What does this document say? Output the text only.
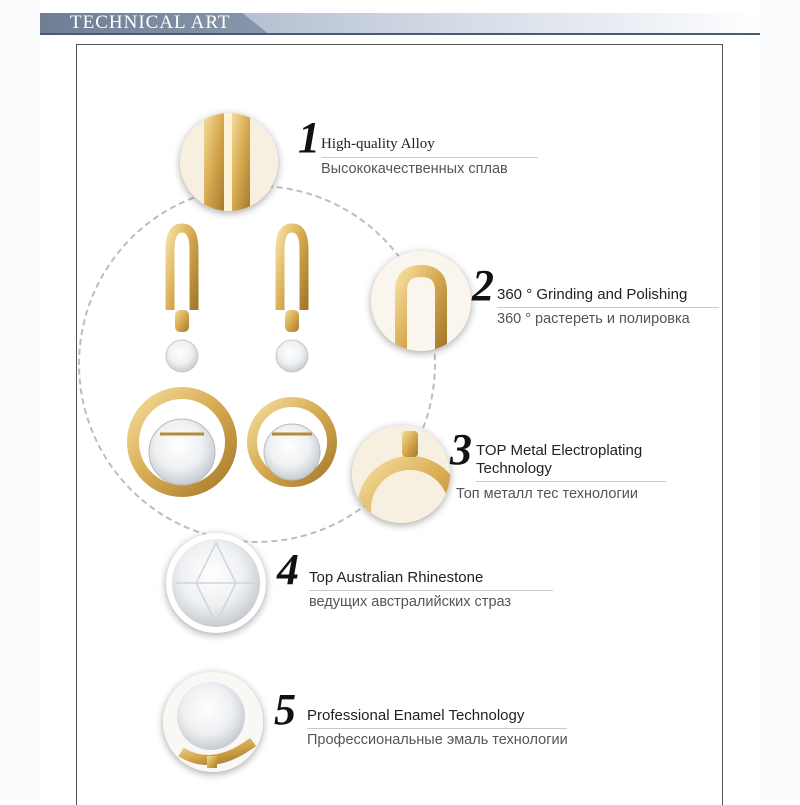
TECHNICAL ART
1 High-quality Alloy
Высококачественных сплав
2 360 ° Grinding and Polishing
360 ° растереть и полировка
3 TOP Metal Electroplating
Technology
Топ металл тес технологии
4 Top Australian Rhinestone
ведущих австралийских страз
5 Professional Enamel Technology
Профессиональные эмаль технологии
